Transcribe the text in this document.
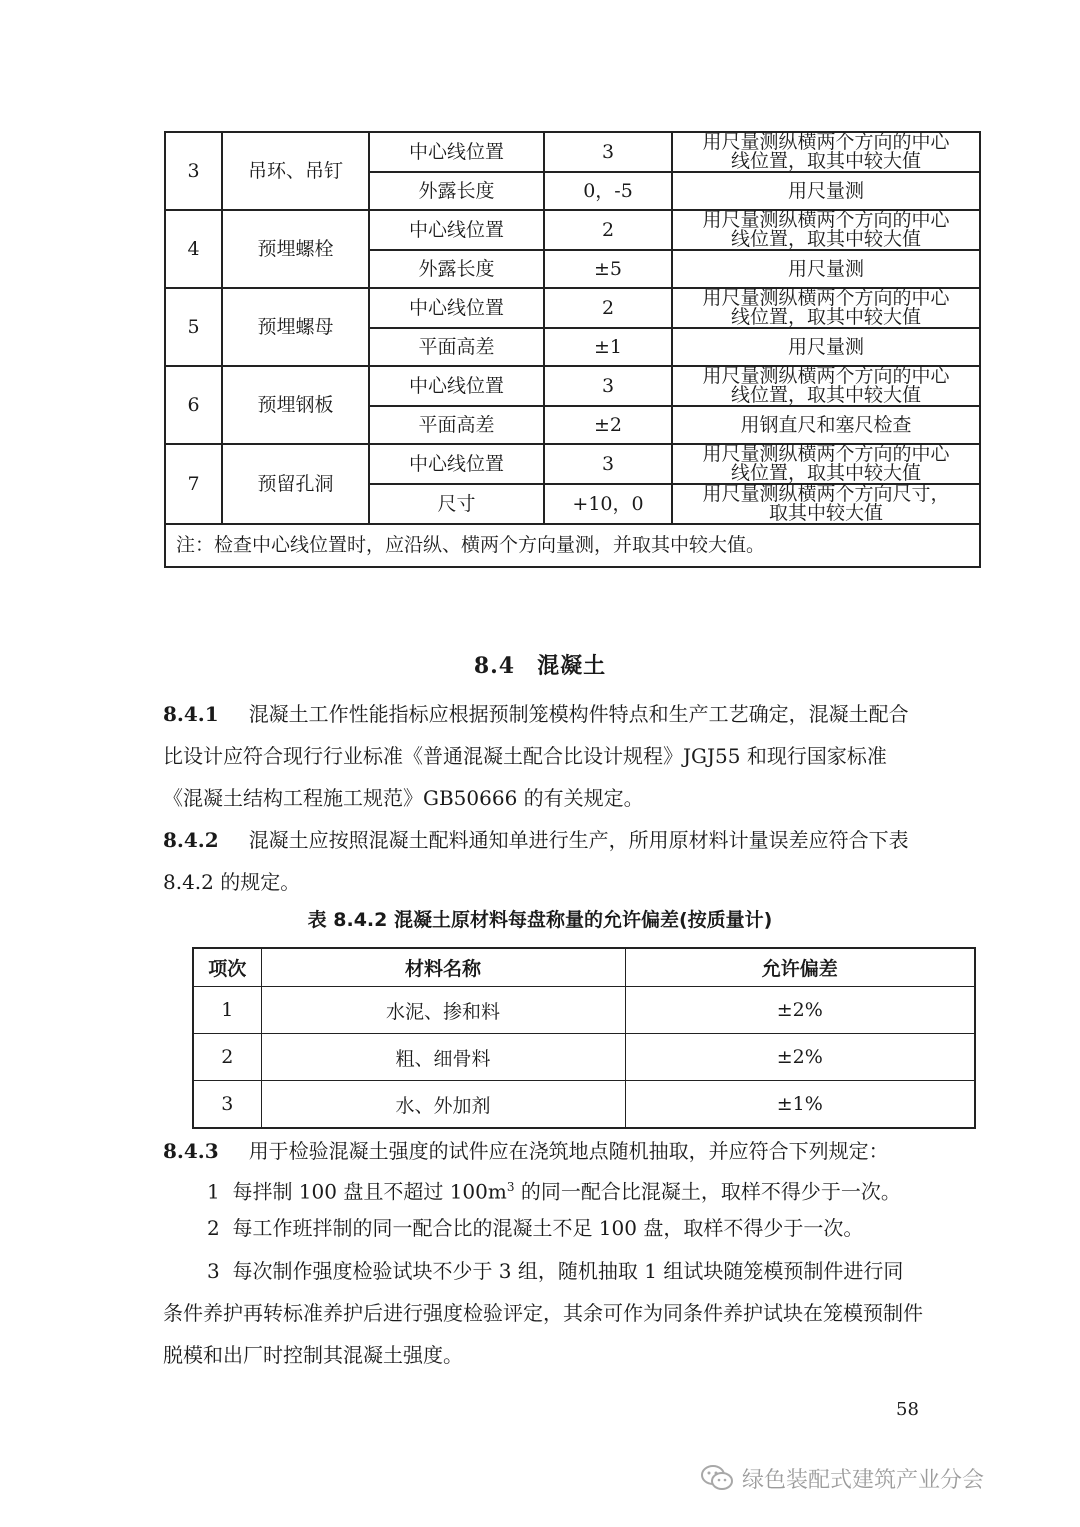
3	吊环、吊钉	中心线位置	3	用尺量测纵横两个方向的中心
线位置，取其中较大值

		外露长度	0，-5	用尺量测

4	预埋螺栓	中心线位置	2	用尺量测纵横两个方向的中心
线位置，取其中较大值

		外露长度	±5	用尺量测

5	预埋螺母	中心线位置	2	用尺量测纵横两个方向的中心
线位置，取其中较大值

		平面高差	±1	用尺量测

6	预埋钢板	中心线位置	3	用尺量测纵横两个方向的中心
线位置，取其中较大值

		平面高差	±2	用钢直尺和塞尺检查

7	预留孔洞	中心线位置	3	用尺量测纵横两个方向的中心
线位置，取其中较大值

		尺寸	+10，0	用尺量测纵横两个方向尺寸，
取其中较大值

注：检查中心线位置时，应沿纵、横两个方向量测，并取其中较大值。				
8.4 混凝土
8.4.1 混凝土工作性能指标应根据预制笼模构件特点和生产工艺确定，混凝土配合比设计应符合现行行业标准《普通混凝土配合比设计规程》JGJ55 和现行国家标准《混凝土结构工程施工规范》GB50666 的有关规定。
8.4.2 混凝土应按照混凝土配料通知单进行生产，所用原材料计量误差应符合下表 8.4.2 的规定。
表 8.4.2 混凝土原材料每盘称量的允许偏差(按质量计)
项次	材料名称	允许偏差
1	水泥、掺和料	±2%
2	粗、细骨料	±2%
3	水、外加剂	±1%
8.4.3 用于检验混凝土强度的试件应在浇筑地点随机抽取，并应符合下列规定：
1 每拌制 100 盘且不超过 $100m^3$ 的同一配合比混凝土，取样不得少于一次。
2 每工作班拌制的同一配合比的混凝土不足 100 盘，取样不得少于一次。
3 每次制作强度检验试块不少于 3 组，随机抽取 1 组试块随笼模预制件进行同条件养护再转标准养护后进行强度检验评定，其余可作为同条件养护试块在笼模预制件脱模和出厂时控制其混凝土强度。
58
绿色装配式建筑产业分会
